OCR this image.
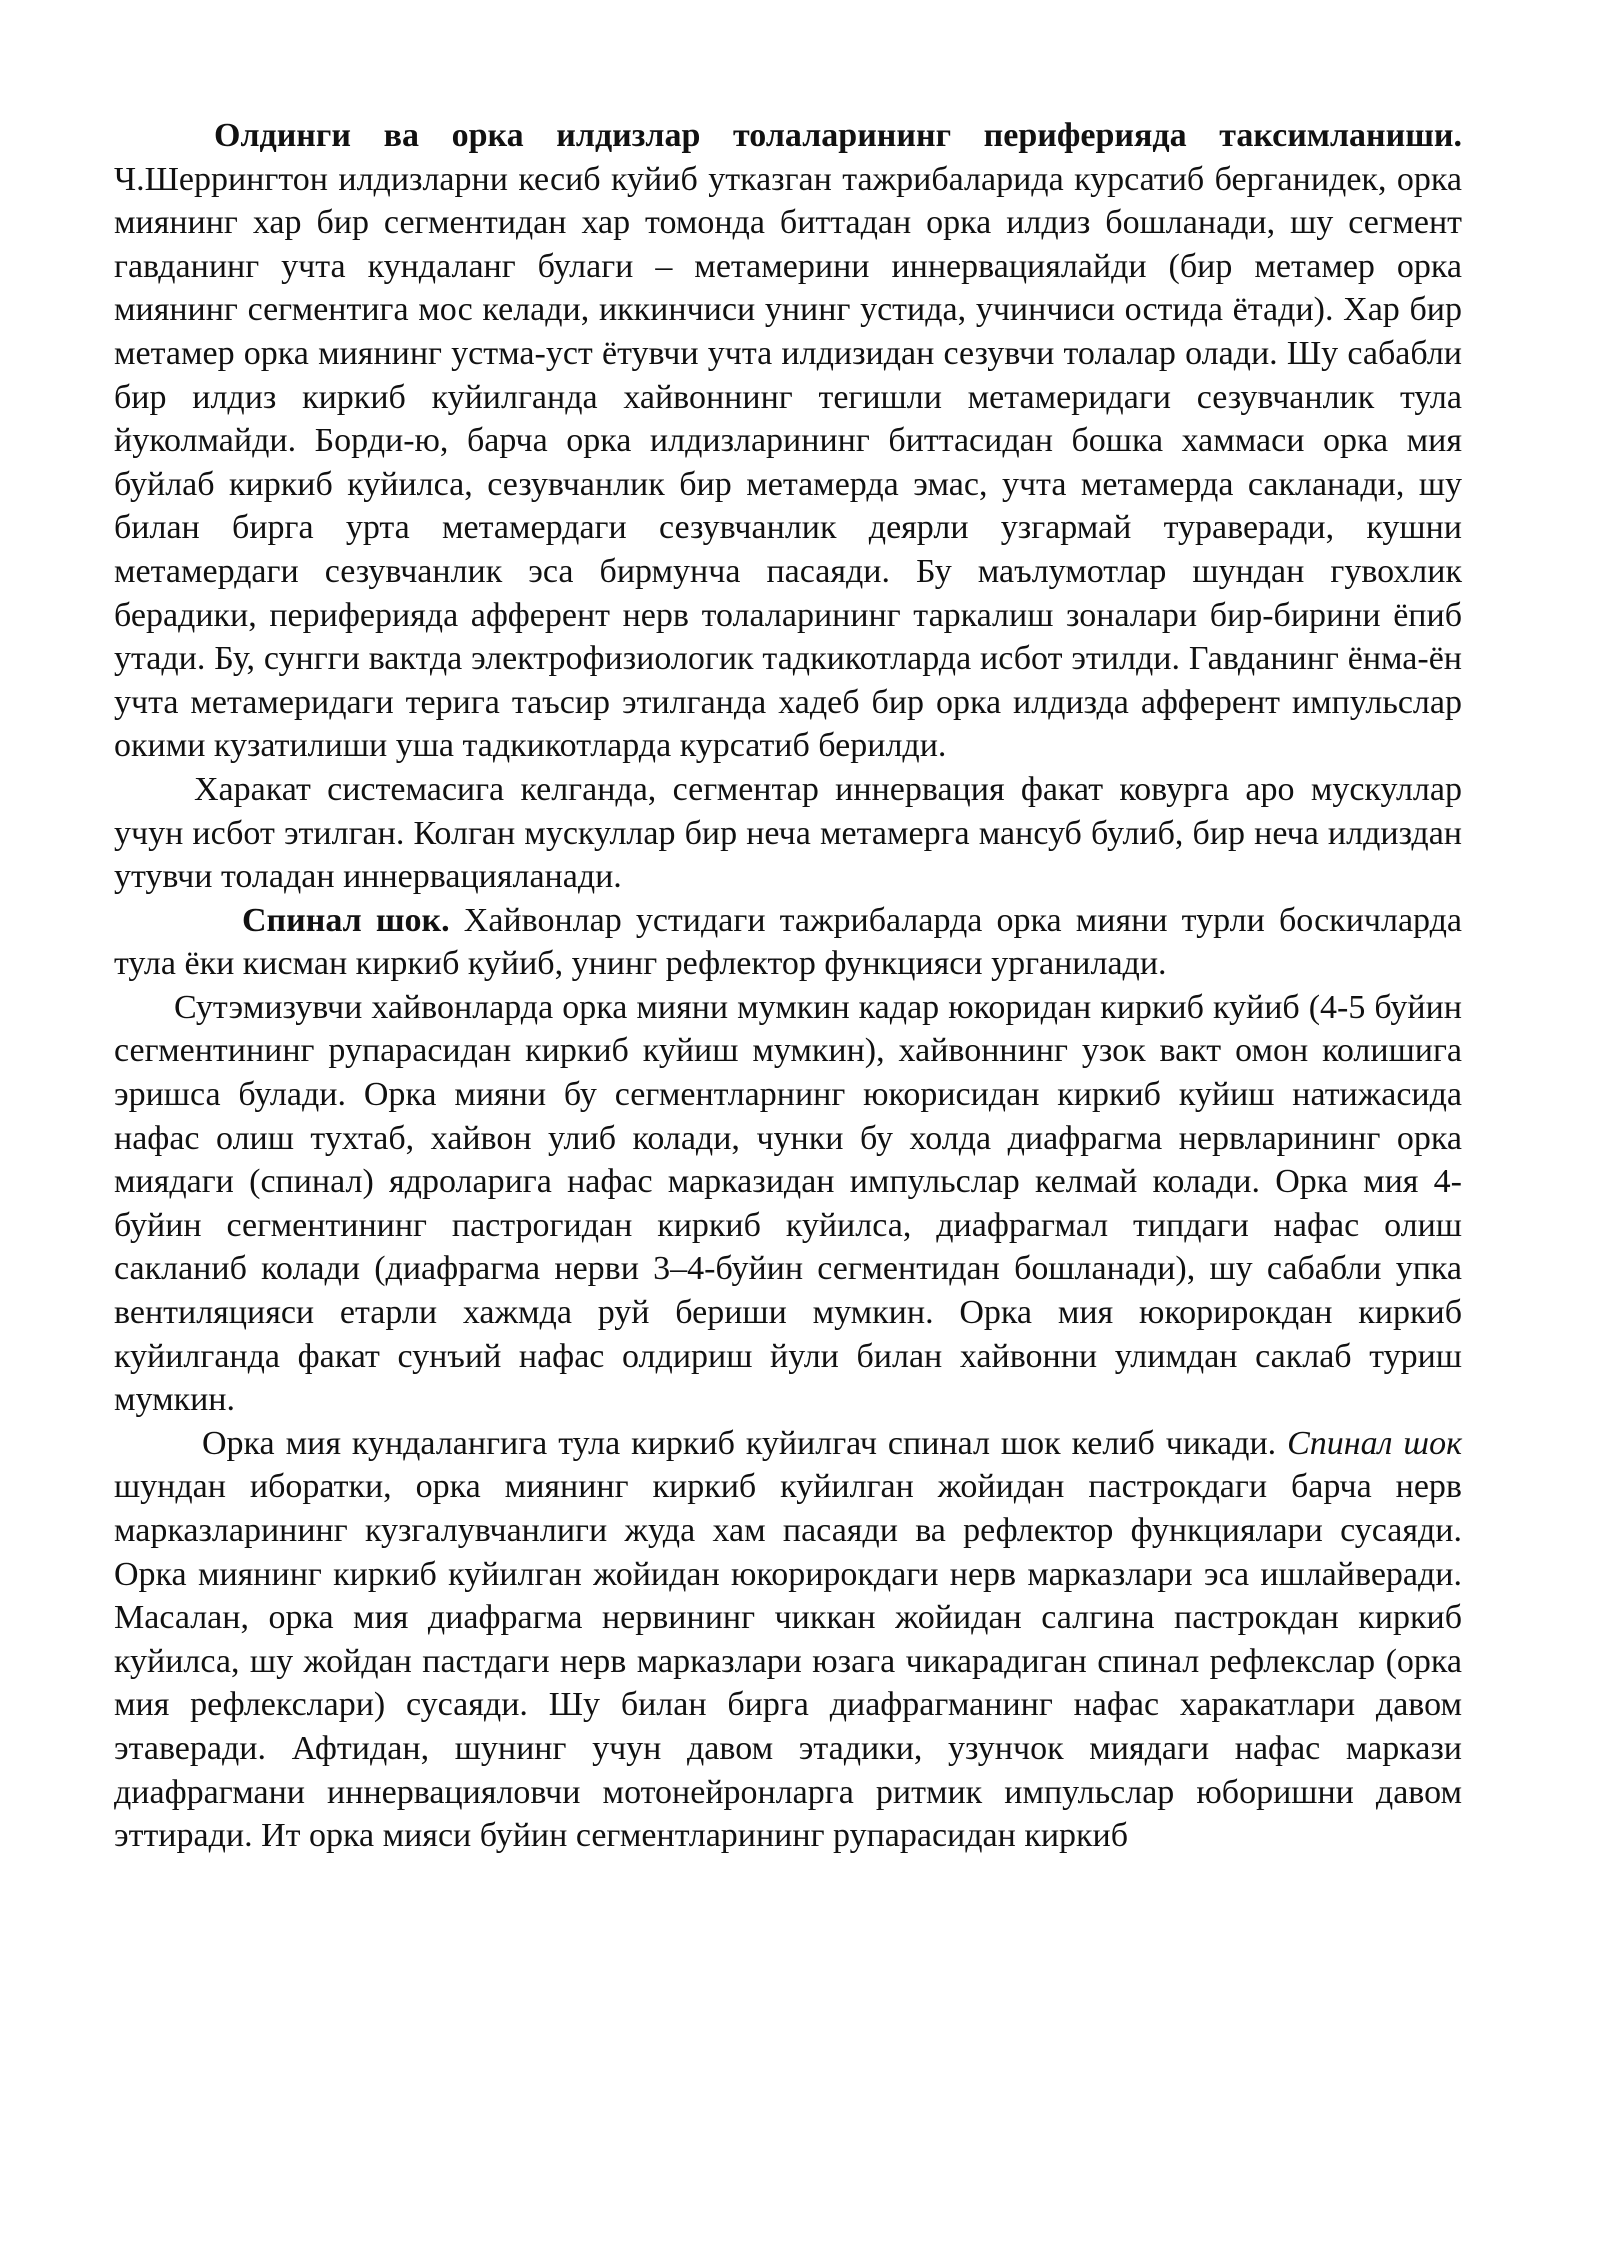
Олдинги ва орка илдизлар толаларининг периферияда таксимланиши. Ч.Шеррингтон илдизларни кесиб куйиб утказган тажрибаларида курсатиб берганидек, орка миянинг хар бир сегментидан хар томонда биттадан орка илдиз бошланади, шу сегмент гавданинг учта кундаланг булаги – метамерини иннервациялайди (бир метамер орка миянинг сегментига мос келади, иккинчиси унинг устида, учинчиси остида ётади). Хар бир метамер орка миянинг устма-уст ётувчи учта илдизидан сезувчи толалар олади. Шу сабабли бир илдиз киркиб куйилганда хайвоннинг тегишли метамеридаги сезувчанлик тула йуколмайди. Борди-ю, барча орка илдизларининг биттасидан бошка хаммаси орка мия буйлаб киркиб куйилса, сезувчанлик бир метамерда эмас, учта метамерда сакланади, шу билан бирга урта метамердаги сезувчанлик деярли узгармай тураверади, кушни метамердаги сезувчанлик эса бирмунча пасаяди. Бу маълумотлар шундан гувохлик берадики, периферияда афферент нерв толаларининг таркалиш зоналари бир-бирини ёпиб утади. Бу, сунгги вактда электрофизиологик тадкикотларда исбот этилди. Гавданинг ёнма-ён учта метамеридаги терига таъсир этилганда хадеб бир орка илдизда афферент импульслар окими кузатилиши уша тадкикотларда курсатиб берилди.

Харакат системасига келганда, сегментар иннервация факат ковурга аро мускуллар учун исбот этилган. Колган мускуллар бир неча метамерга мансуб булиб, бир неча илдиздан утувчи толадан иннервацияланади.

Спинал шок. Хайвонлар устидаги тажрибаларда орка мияни турли боскичларда тула ёки кисман киркиб куйиб, унинг рефлектор функцияси урганилади.

Сутэмизувчи хайвонларда орка мияни мумкин кадар юкоридан киркиб куйиб (4-5 буйин сегментининг рупарасидан киркиб куйиш мумкин), хайвоннинг узок вакт омон колишига эришса булади. Орка мияни бу сегментларнинг юкорисидан киркиб куйиш натижасида нафас олиш тухтаб, хайвон улиб колади, чунки бу холда диафрагма нервларининг орка миядаги (спинал) ядроларига нафас марказидан импульслар келмай колади. Орка мия 4-буйин сегментининг пастрогидан киркиб куйилса, диафрагмал типдаги нафас олиш сакланиб колади (диафрагма нерви 3–4-буйин сегментидан бошланади), шу сабабли упка вентиляцияси етарли хажмда руй бериши мумкин. Орка мия юкорирокдан киркиб куйилганда факат сунъий нафас олдириш йули билан хайвонни улимдан саклаб туриш мумкин.

Орка мия кундалангига тула киркиб куйилгач спинал шок келиб чикади. Спинал шок шундан иборатки, орка миянинг киркиб куйилган жойидан пастрокдаги барча нерв марказларининг кузгалувчанлиги жуда хам пасаяди ва рефлектор функциялари сусаяди. Орка миянинг киркиб куйилган жойидан юкорирокдаги нерв марказлари эса ишлайверади. Масалан, орка мия диафрагма нервининг чиккан жойидан салгина пастрокдан киркиб куйилса, шу жойдан пастдаги нерв марказлари юзага чикарадиган спинал рефлекслар (орка мия рефлекслари) сусаяди. Шу билан бирга диафрагманинг нафас харакатлари давом этаверади. Афтидан, шунинг учун давом этадики, узунчок миядаги нафас маркази диафрагмани иннервацияловчи мотонейронларга ритмик импульслар юборишни давом эттиради. Ит орка мияси буйин сегментларининг рупарасидан киркиб
